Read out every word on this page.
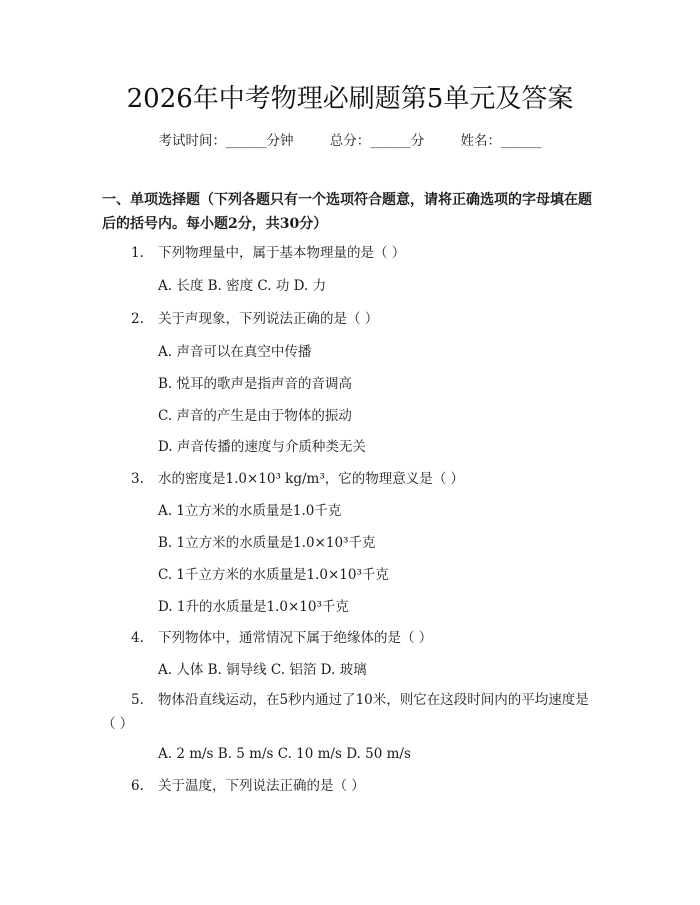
2026年中考物理必刷题第5单元及答案
考试时间：______分钟	总分：______分	姓名：______
一、单项选择题（下列各题只有一个选项符合题意，请将正确选项的字母填在题后的括号内。每小题2分，共30分）
1. 下列物理量中，属于基本物理量的是（ ）
A. 长度 B. 密度 C. 功 D. 力
2. 关于声现象，下列说法正确的是（ ）
A. 声音可以在真空中传播
B. 悦耳的歌声是指声音的音调高
C. 声音的产生是由于物体的振动
D. 声音传播的速度与介质种类无关
3. 水的密度是1.0×10³ kg/m³，它的物理意义是（ ）
A. 1立方米的水质量是1.0千克
B. 1立方米的水质量是1.0×10³千克
C. 1千立方米的水质量是1.0×10³千克
D. 1升的水质量是1.0×10³千克
4. 下列物体中，通常情况下属于绝缘体的是（ ）
A. 人体 B. 铜导线 C. 铝箔 D. 玻璃
5. 物体沿直线运动，在5秒内通过了10米，则它在这段时间内的平均速度是（ ）
A. 2 m/s B. 5 m/s C. 10 m/s D. 50 m/s
6. 关于温度，下列说法正确的是（ ）
